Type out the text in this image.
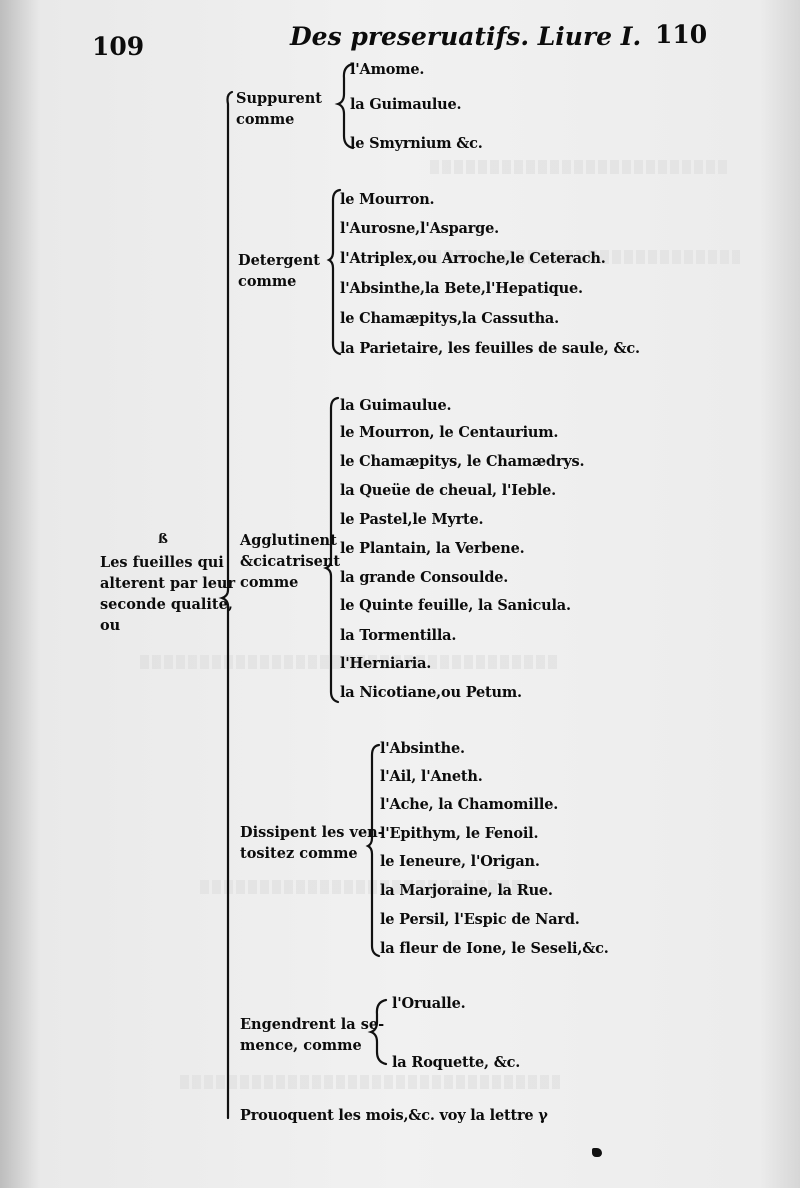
109	Des preseruatifs. Liure I. 110
ß
Les fueilles qui
alterent par leur
seconde qualité,
ou
Suppurent
comme
l'Amome.
la Guimaulue.
le Smyrnium &c.
Detergent
comme
le Mourron.
l'Aurosne,l'Asparge.
l'Atriplex,ou Arroche,le Ceterach.
l'Absinthe,la Bete,l'Hepatique.
le Chamæpitys,la Cassutha.
la Parietaire, les feuilles de saule, &c.
Agglutinent
&cicatrisent
comme
la Guimaulue.
le Mourron, le Centaurium.
le Chamæpitys, le Chamædrys.
la Queüe de cheual, l'Ieble.
le Pastel,le Myrte.
le Plantain, la Verbene.
la grande Consoulde.
le Quinte feuille, la Sanicula.
la Tormentilla.
l'Herniaria.
la Nicotiane,ou Petum.
Dissipent les ven-
tositez comme
l'Absinthe.
l'Ail, l'Aneth.
l'Ache, la Chamomille.
l'Epithym, le Fenoil.
le Ieneure, l'Origan.
la Marjoraine, la Rue.
le Persil, l'Espic de Nard.
la fleur de Ione, le Seseli,&c.
Engendrent la se-
mence, comme
l'Orualle.
la Roquette, &c.
Prouoquent les mois,&c. voy la lettre γ
